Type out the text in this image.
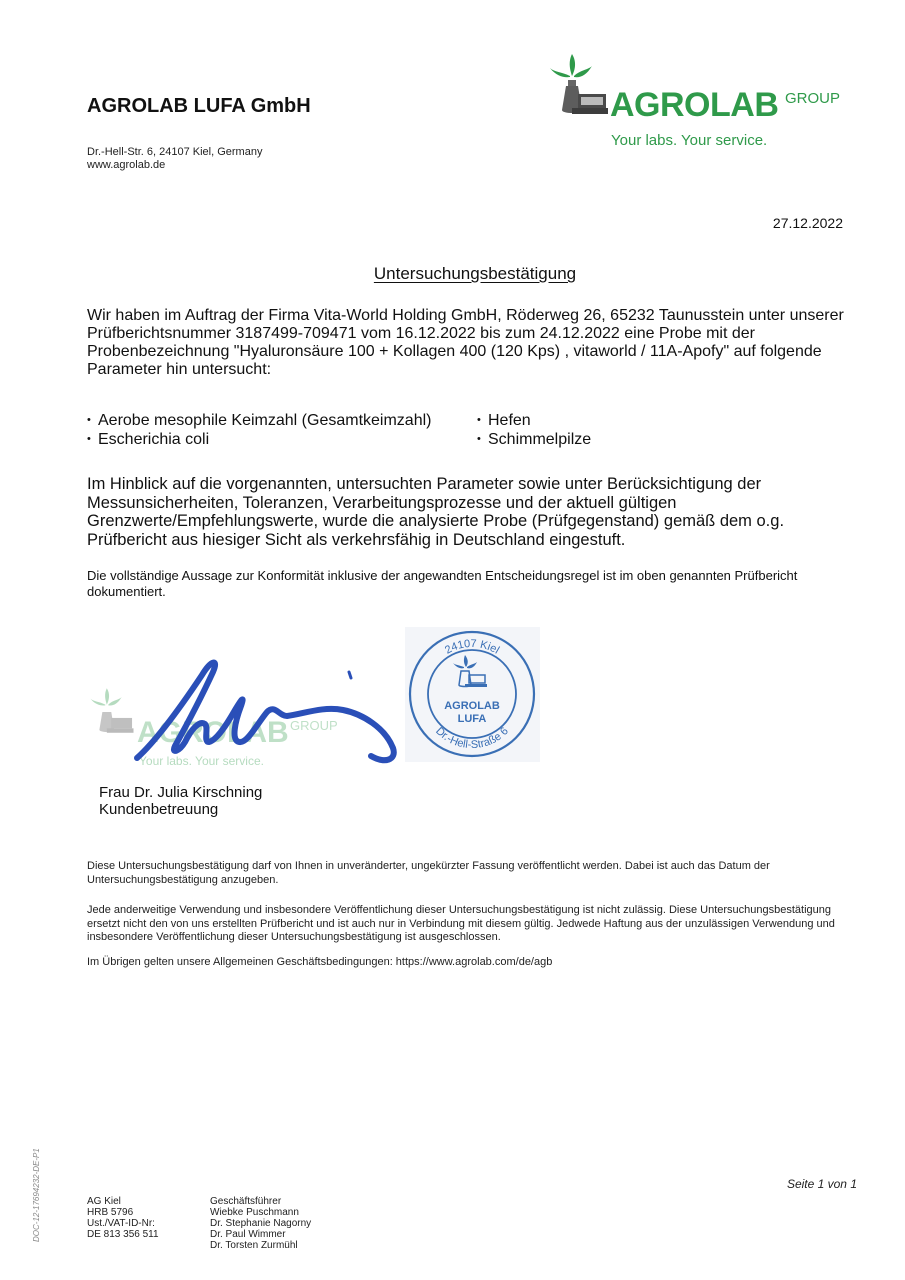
AGROLAB LUFA GmbH
Dr.-Hell-Str. 6, 24107 Kiel, Germany
www.agrolab.de
AGROLAB GROUP
Your labs. Your service.
27.12.2022
Untersuchungsbestätigung
Wir haben im Auftrag der Firma Vita-World Holding GmbH, Röderweg 26, 65232 Taunusstein unter unserer Prüfberichtsnummer 3187499-709471 vom 16.12.2022 bis zum 24.12.2022 eine Probe mit der Probenbezeichnung "Hyaluronsäure 100 + Kollagen 400 (120 Kps) , vitaworld / 11A-Apofy" auf folgende Parameter hin untersucht:
• Aerobe mesophile Keimzahl (Gesamtkeimzahl)
• Escherichia coli
• Hefen
• Schimmelpilze
Im Hinblick auf die vorgenannten, untersuchten Parameter sowie unter Berücksichtigung der Messunsicherheiten, Toleranzen, Verarbeitungsprozesse und der aktuell gültigen Grenzwerte/Empfehlungswerte, wurde die analysierte Probe (Prüfgegenstand) gemäß dem o.g. Prüfbericht aus hiesiger Sicht als verkehrsfähig in Deutschland eingestuft.
Die vollständige Aussage zur Konformität inklusive der angewandten Entscheidungsregel ist im oben genannten Prüfbericht dokumentiert.
AGROLAB GROUP
Your labs. Your service.
24107 Kiel
Dr.-Hell-Straße 6
AGROLAB
LUFA
Frau Dr. Julia Kirschning
Kundenbetreuung
Diese Untersuchungsbestätigung darf von Ihnen in unveränderter, ungekürzter Fassung veröffentlicht werden. Dabei ist auch das Datum der Untersuchungsbestätigung anzugeben.
Jede anderweitige Verwendung und insbesondere Veröffentlichung dieser Untersuchungsbestätigung ist nicht zulässig. Diese Untersuchungsbestätigung ersetzt nicht den von uns erstellten Prüfbericht und ist auch nur in Verbindung mit diesem gültig. Jedwede Haftung aus der unzulässigen Verwendung und insbesondere Veröffentlichung dieser Untersuchungsbestätigung ist ausgeschlossen.
Im Übrigen gelten unsere Allgemeinen Geschäftsbedingungen: https://www.agrolab.com/de/agb
DOC-12-17694232-DE-P1	Seite 1 von 1
AG Kiel
HRB 5796
Ust./VAT-ID-Nr:
DE 813 356 511
Geschäftsführer
Wiebke Puschmann
Dr. Stephanie Nagorny
Dr. Paul Wimmer
Dr. Torsten Zurmühl
